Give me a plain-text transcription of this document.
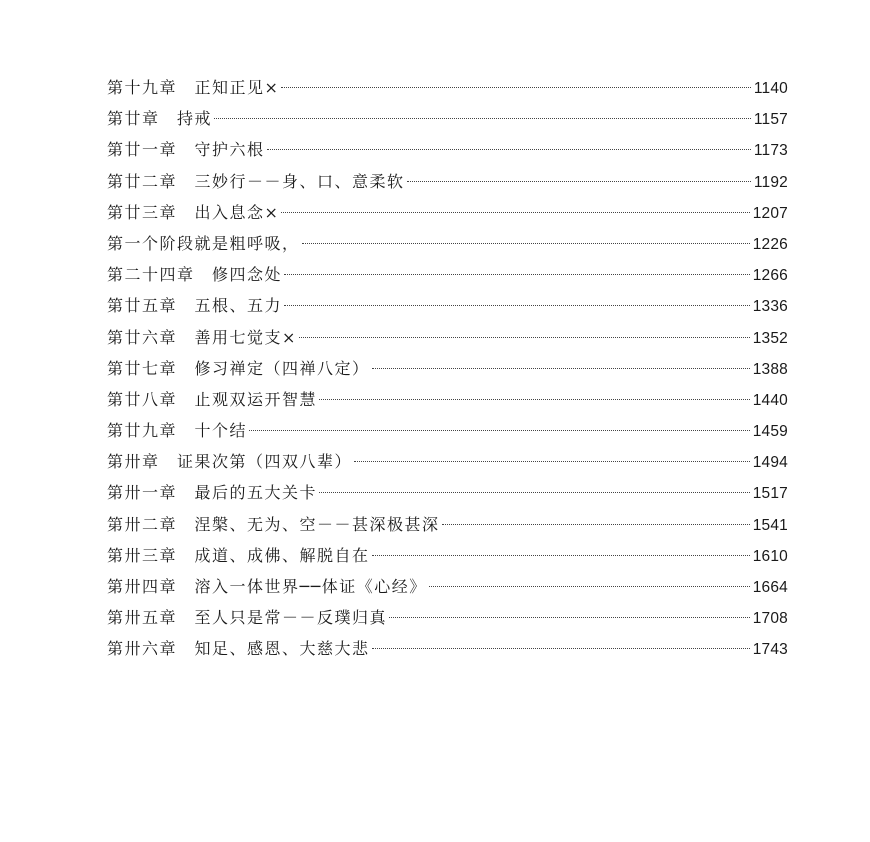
第十九章　正知正见×	1140
第廿章　持戒	1157
第廿一章　守护六根	1173
第廿二章　三妙行－－身、口、意柔软	1192
第廿三章　出入息念×	1207
第一个阶段就是粗呼吸，	1226
第二十四章　修四念处	1266
第廿五章　五根、五力	1336
第廿六章　善用七觉支×	1352
第廿七章　修习禅定（四禅八定）	1388
第廿八章　止观双运开智慧	1440
第廿九章　十个结	1459
第卅章　证果次第（四双八辈）	1494
第卅一章　最后的五大关卡	1517
第卅二章　涅槃、无为、空－－甚深极甚深	1541
第卅三章　成道、成佛、解脱自在	1610
第卅四章　溶入一体世界──体证《心经》	1664
第卅五章　至人只是常－－反璞归真	1708
第卅六章　知足、感恩、大慈大悲	1743
